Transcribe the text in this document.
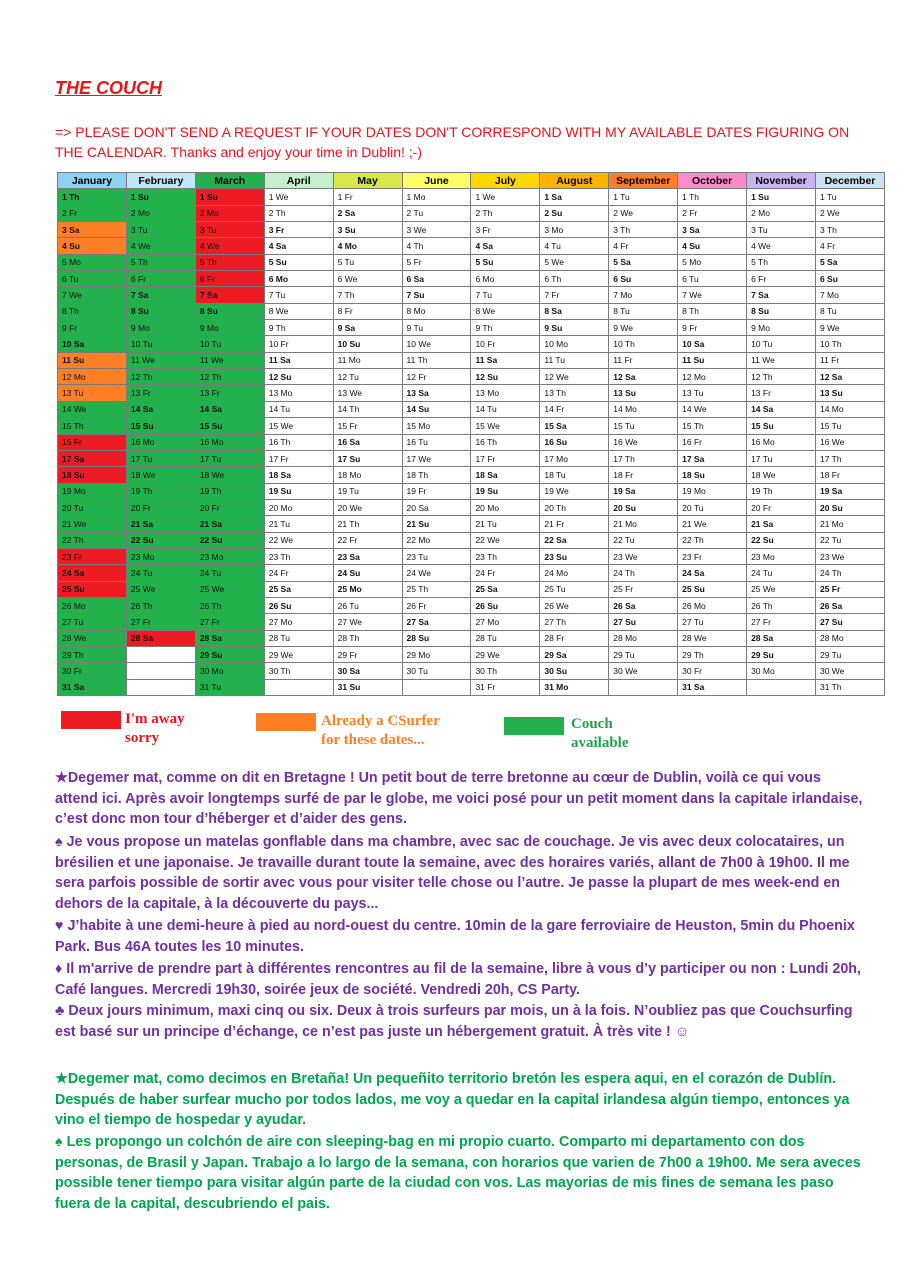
THE COUCH
=> PLEASE DON'T SEND A REQUEST IF YOUR DATES DON'T CORRESPOND WITH MY AVAILABLE DATES FIGURING ON THE CALENDAR. Thanks and enjoy your time in Dublin! ;-)
January	February	March	April	May	June	July	August	September	October	November	December
1 Th	1 Su	1 Su	1 We	1 Fr	1 Mo	1 We	1 Sa	1 Tu	1 Th	1 Su	1 Tu
2 Fr	2 Mo	2 Mo	2 Th	2 Sa	2 Tu	2 Th	2 Su	2 We	2 Fr	2 Mo	2 We
3 Sa	3 Tu	3 Tu	3 Fr	3 Su	3 We	3 Fr	3 Mo	3 Th	3 Sa	3 Tu	3 Th
4 Su	4 We	4 We	4 Sa	4 Mo	4 Th	4 Sa	4 Tu	4 Fr	4 Su	4 We	4 Fr
5 Mo	5 Th	5 Th	5 Su	5 Tu	5 Fr	5 Su	5 We	5 Sa	5 Mo	5 Th	5 Sa
6 Tu	6 Fr	6 Fr	6 Mo	6 We	6 Sa	6 Mo	6 Th	6 Su	6 Tu	6 Fr	6 Su
7 We	7 Sa	7 Sa	7 Tu	7 Th	7 Su	7 Tu	7 Fr	7 Mo	7 We	7 Sa	7 Mo
8 Th	8 Su	8 Su	8 We	8 Fr	8 Mo	8 We	8 Sa	8 Tu	8 Th	8 Su	8 Tu
9 Fr	9 Mo	9 Mo	9 Th	9 Sa	9 Tu	9 Th	9 Su	9 We	9 Fr	9 Mo	9 We
10 Sa	10 Tu	10 Tu	10 Fr	10 Su	10 We	10 Fr	10 Mo	10 Th	10 Sa	10 Tu	10 Th
11 Su	11 We	11 We	11 Sa	11 Mo	11 Th	11 Sa	11 Tu	11 Fr	11 Su	11 We	11 Fr
12 Mo	12 Th	12 Th	12 Su	12 Tu	12 Fr	12 Su	12 We	12 Sa	12 Mo	12 Th	12 Sa
13 Tu	13 Fr	13 Fr	13 Mo	13 We	13 Sa	13 Mo	13 Th	13 Su	13 Tu	13 Fr	13 Su
14 We	14 Sa	14 Sa	14 Tu	14 Th	14 Su	14 Tu	14 Fr	14 Mo	14 We	14 Sa	14 Mo
15 Th	15 Su	15 Su	15 We	15 Fr	15 Mo	15 We	15 Sa	15 Tu	15 Th	15 Su	15 Tu
16 Fr	16 Mo	16 Mo	16 Th	16 Sa	16 Tu	16 Th	16 Su	16 We	16 Fr	16 Mo	16 We
17 Sa	17 Tu	17 Tu	17 Fr	17 Su	17 We	17 Fr	17 Mo	17 Th	17 Sa	17 Tu	17 Th
18 Su	18 We	18 We	18 Sa	18 Mo	18 Th	18 Sa	18 Tu	18 Fr	18 Su	18 We	18 Fr
19 Mo	19 Th	19 Th	19 Su	19 Tu	19 Fr	19 Su	19 We	19 Sa	19 Mo	19 Th	19 Sa
20 Tu	20 Fr	20 Fr	20 Mo	20 We	20 Sa	20 Mo	20 Th	20 Su	20 Tu	20 Fr	20 Su
21 We	21 Sa	21 Sa	21 Tu	21 Th	21 Su	21 Tu	21 Fr	21 Mo	21 We	21 Sa	21 Mo
22 Th	22 Su	22 Su	22 We	22 Fr	22 Mo	22 We	22 Sa	22 Tu	22 Th	22 Su	22 Tu
23 Fr	23 Mo	23 Mo	23 Th	23 Sa	23 Tu	23 Th	23 Su	23 We	23 Fr	23 Mo	23 We
24 Sa	24 Tu	24 Tu	24 Fr	24 Su	24 We	24 Fr	24 Mo	24 Th	24 Sa	24 Tu	24 Th
25 Su	25 We	25 We	25 Sa	25 Mo	25 Th	25 Sa	25 Tu	25 Fr	25 Su	25 We	25 Fr
26 Mo	26 Th	26 Th	26 Su	26 Tu	26 Fr	26 Su	26 We	26 Sa	26 Mo	26 Th	26 Sa
27 Tu	27 Fr	27 Fr	27 Mo	27 We	27 Sa	27 Mo	27 Th	27 Su	27 Tu	27 Fr	27 Su
28 We	28 Sa	28 Sa	28 Tu	28 Th	28 Su	28 Tu	28 Fr	28 Mo	28 We	28 Sa	28 Mo
29 Th		29 Su	29 We	29 Fr	29 Mo	29 We	29 Sa	29 Tu	29 Th	29 Su	29 Tu
30 Fr		30 Mo	30 Th	30 Sa	30 Tu	30 Th	30 Su	30 We	30 Fr	30 Mo	30 We
31 Sa		31 Tu		31 Su		31 Fr	31 Mo		31 Sa		31 Th
I'm away
sorry
Already a CSurfer
for these dates...
Couch
available

★Degemer mat, comme on dit en Bretagne ! Un petit bout de terre bretonne au cœur de Dublin, voilà ce qui vous attend ici. Après avoir longtemps surfé de par le globe, me voici posé pour un petit moment dans la capitale irlandaise, c’est donc mon tour d’héberger et d’aider des gens.

♠ Je vous propose un matelas gonflable dans ma chambre, avec sac de couchage. Je vis avec deux colocataires, un brésilien et une japonaise. Je travaille durant toute la semaine, avec des horaires variés, allant de 7h00 à 19h00. Il me sera parfois possible de sortir avec vous pour visiter telle chose ou l’autre. Je passe la plupart de mes week-end en dehors de la capitale, à la découverte du pays...

♥ J’habite à une demi-heure à pied au nord-ouest du centre. 10min de la gare ferroviaire de Heuston, 5min du Phoenix Park. Bus 46A toutes les 10 minutes.

♦ Il m'arrive de prendre part à différentes rencontres au fil de la semaine, libre à vous d’y participer ou non : Lundi 20h, Café langues. Mercredi 19h30, soirée jeux de société. Vendredi 20h, CS Party.

♣ Deux jours minimum, maxi cinq ou six. Deux à trois surfeurs par mois, un à la fois. N’oubliez pas que Couchsurfing est basé sur un principe d’échange, ce n’est pas juste un hébergement gratuit. À très vite ! ☺

★Degemer mat, como decimos en Bretaña! Un pequeñito territorio bretón les espera aqui, en el corazón de Dublín. Después de haber surfear mucho por todos lados, me voy a quedar en la capital irlandesa algún tiempo, entonces ya vino el tiempo de hospedar y ayudar.

♠ Les propongo un colchón de aire con sleeping-bag en mi propio cuarto. Comparto mi departamento con dos personas, de Brasil y Japan. Trabajo a lo largo de la semana, con horarios que varien de 7h00 a 19h00. Me sera aveces possible tener tiempo para visitar algún parte de la ciudad con vos. Las mayorias de mis fines de semana les paso fuera de la capital, descubriendo el pais.
